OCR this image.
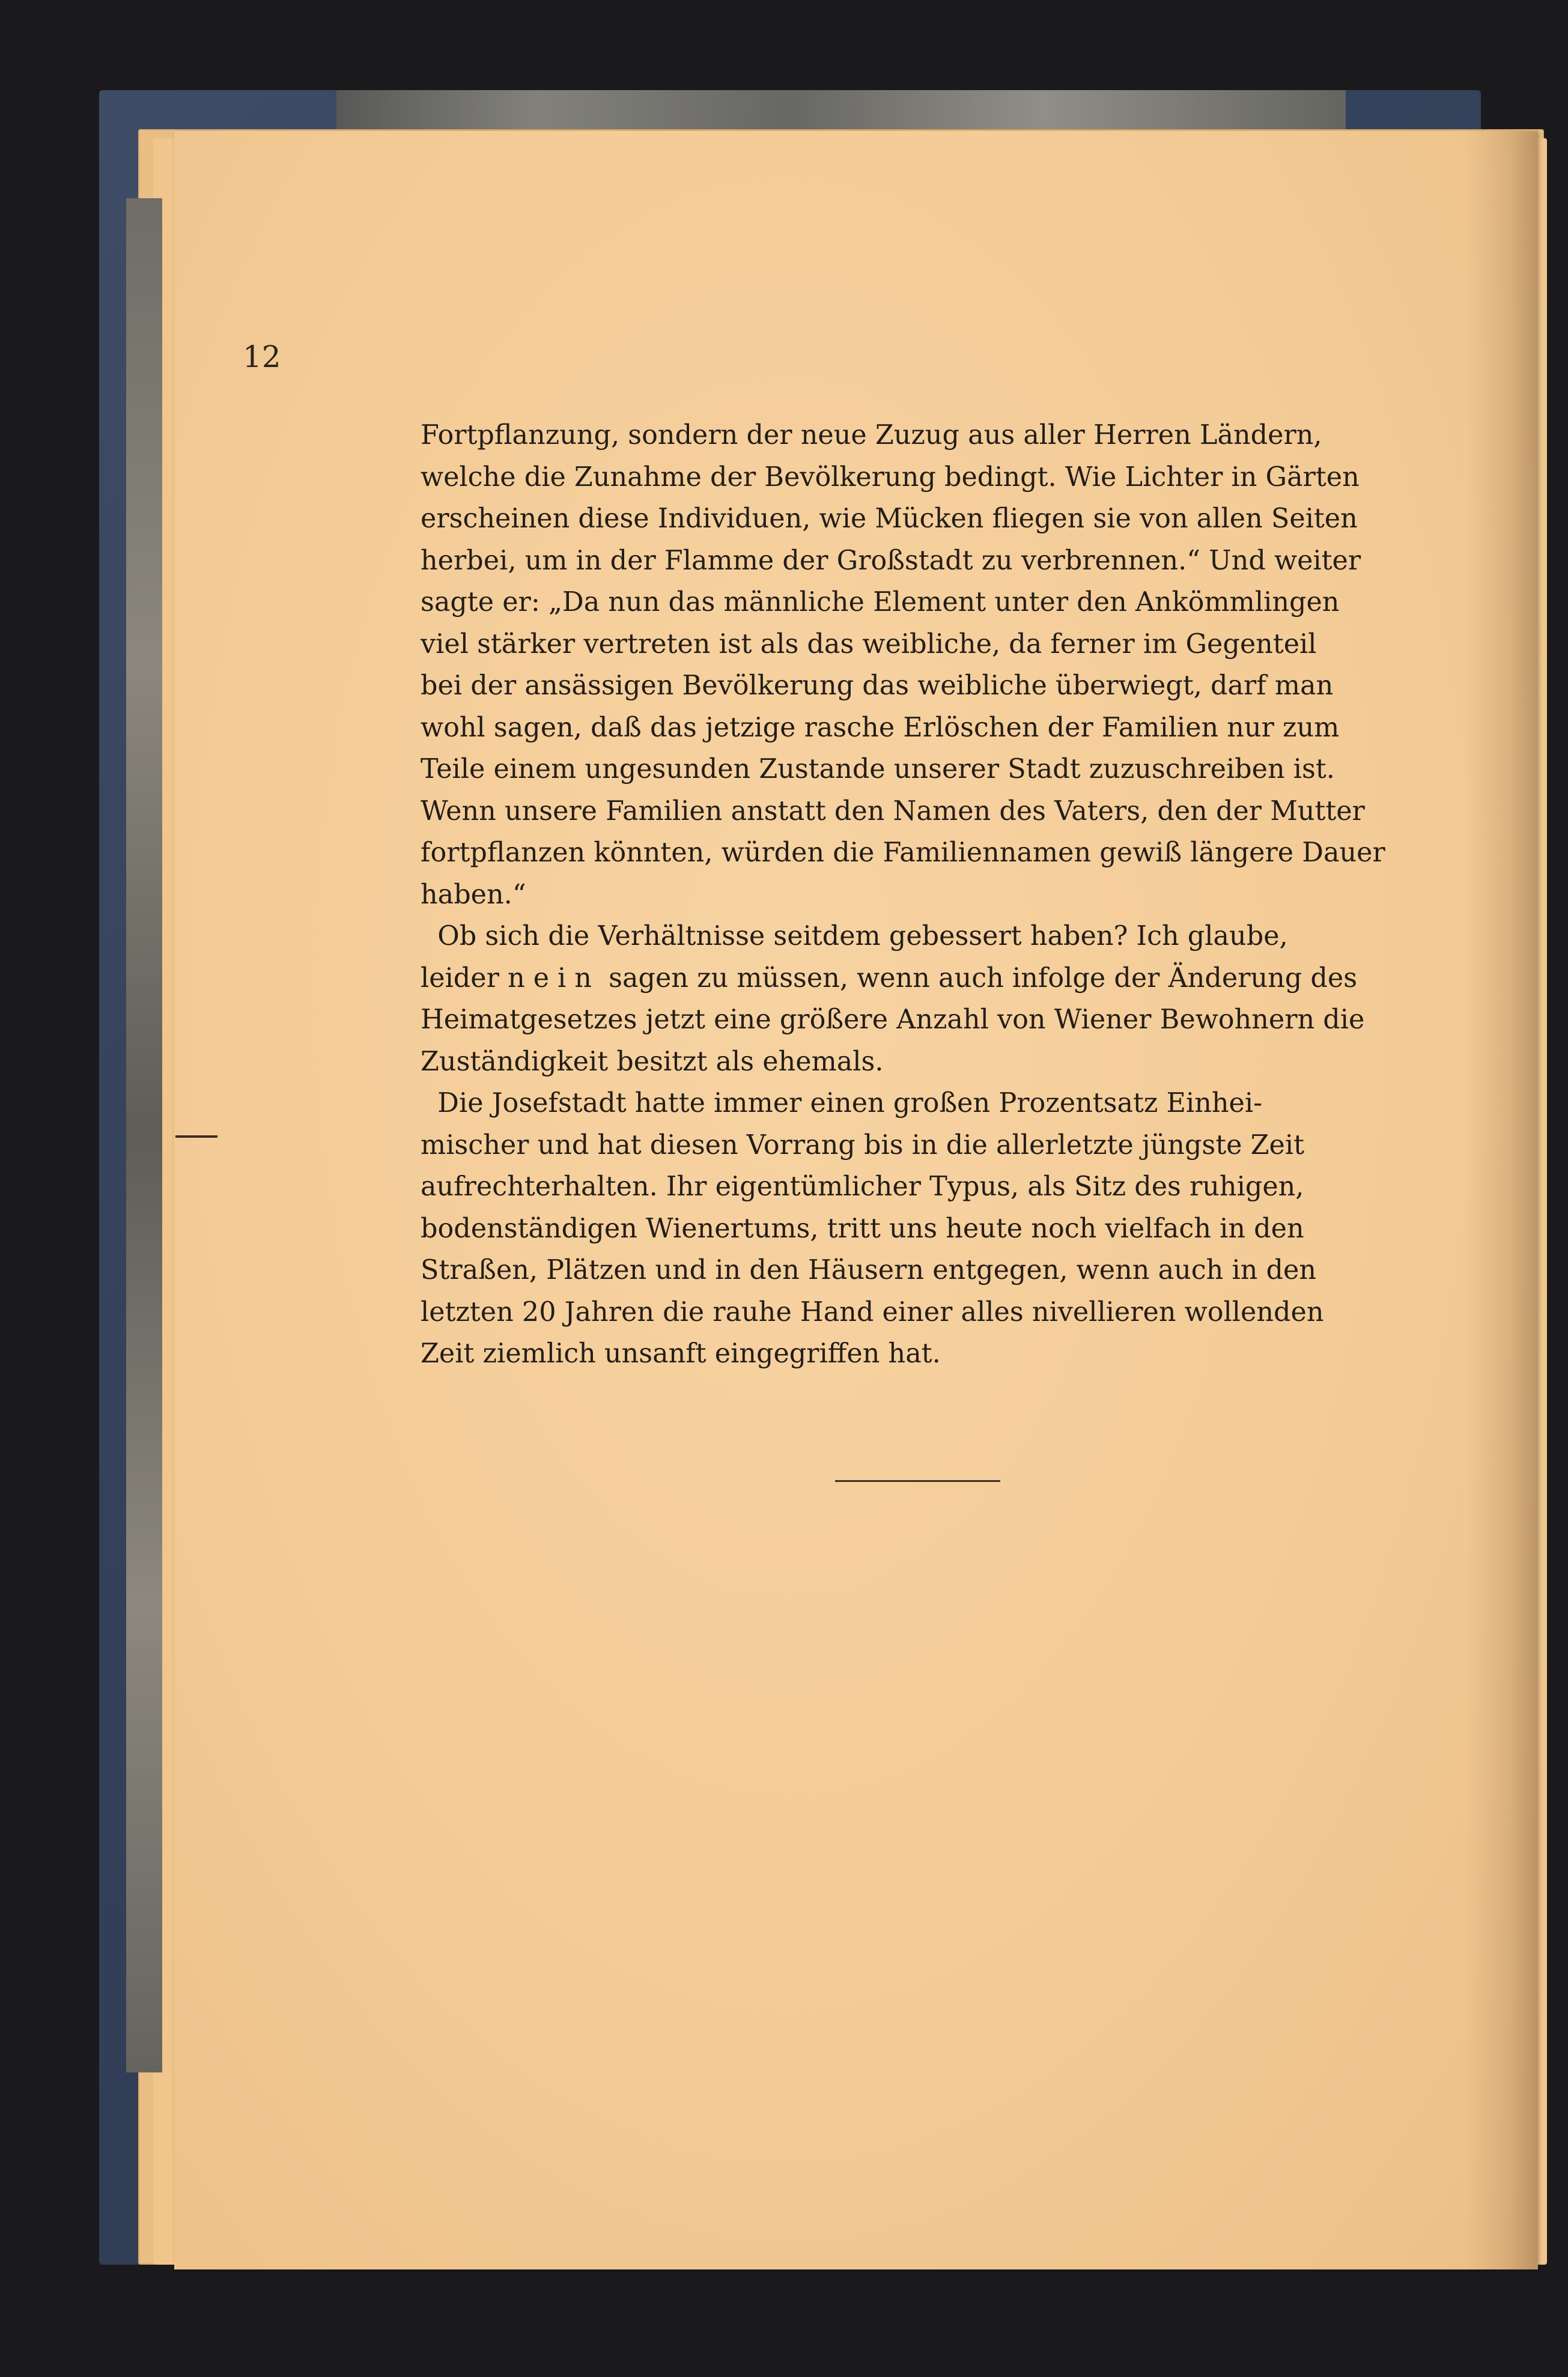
12

Fortpflanzung, sondern der neue Zuzug aus aller Herren Ländern,
welche die Zunahme der Bevölkerung bedingt. Wie Lichter in Gärten
erscheinen diese Individuen, wie Mücken fliegen sie von allen Seiten
herbei, um in der Flamme der Großstadt zu verbrennen.“ Und weiter
sagte er: „Da nun das männliche Element unter den Ankömmlingen
viel stärker vertreten ist als das weibliche, da ferner im Gegenteil
bei der ansässigen Bevölkerung das weibliche überwiegt, darf man
wohl sagen, daß das jetzige rasche Erlöschen der Familien nur zum
Teile einem ungesunden Zustande unserer Stadt zuzuschreiben ist.
Wenn unsere Familien anstatt den Namen des Vaters, den der Mutter
fortpflanzen könnten, würden die Familiennamen gewiß längere Dauer
haben.“

Ob sich die Verhältnisse seitdem gebessert haben? Ich glaube,
leider nein sagen zu müssen, wenn auch infolge der Änderung des
Heimatgesetzes jetzt eine größere Anzahl von Wiener Bewohnern die
Zuständigkeit besitzt als ehemals.

Die Josefstadt hatte immer einen großen Prozentsatz Einhei-
mischer und hat diesen Vorrang bis in die allerletzte jüngste Zeit
aufrechterhalten. Ihr eigentümlicher Typus, als Sitz des ruhigen,
bodenständigen Wienertums, tritt uns heute noch vielfach in den
Straßen, Plätzen und in den Häusern entgegen, wenn auch in den
letzten 20 Jahren die rauhe Hand einer alles nivellieren wollenden
Zeit ziemlich unsanft eingegriffen hat.
